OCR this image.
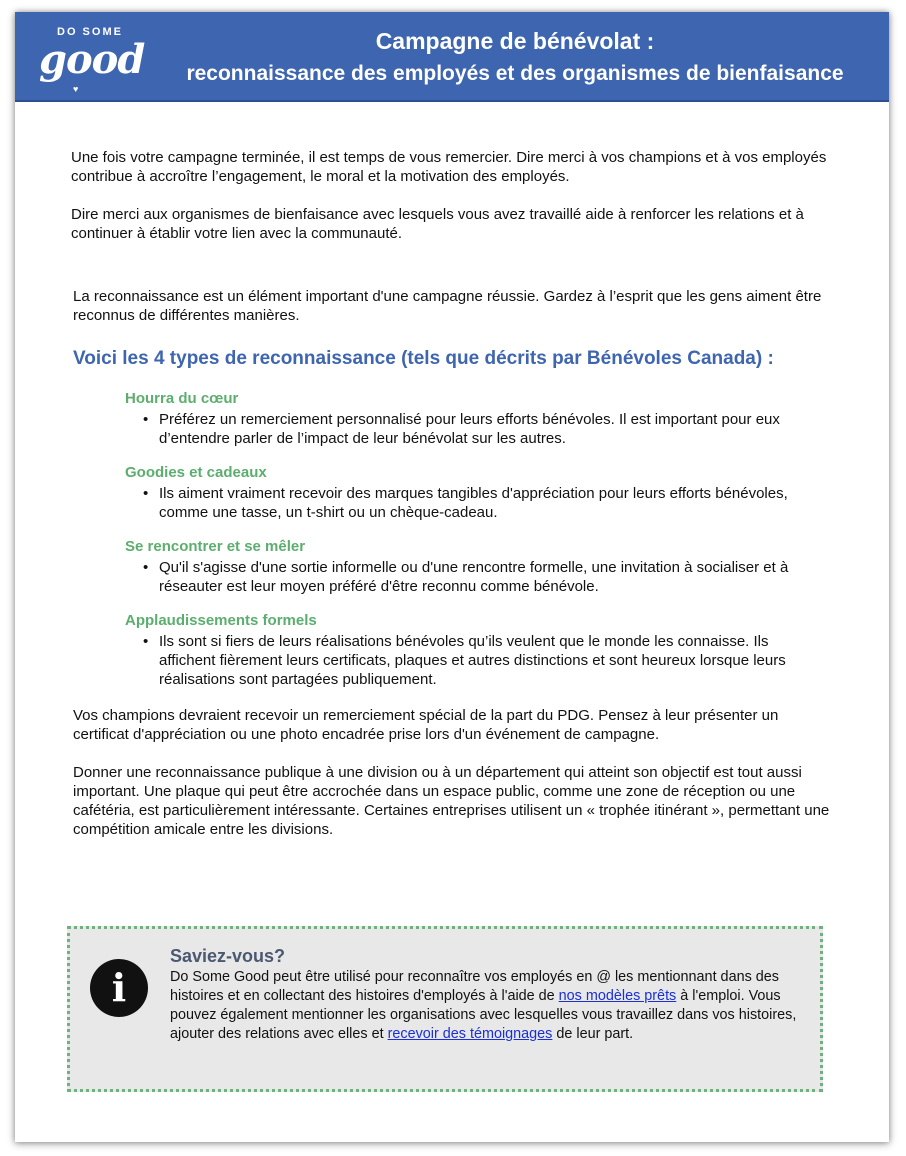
DO SOME
good
♥
Campagne de bénévolat :
reconnaissance des employés et des organismes de bienfaisance

Une fois votre campagne terminée, il est temps de vous remercier. Dire merci à vos champions et à vos employés contribue à accroître l’engagement, le moral et la motivation des employés.

Dire merci aux organismes de bienfaisance avec lesquels vous avez travaillé aide à renforcer les relations et à continuer à établir votre lien avec la communauté.

La reconnaissance est un élément important d'une campagne réussie. Gardez à l’esprit que les gens aiment être reconnus de différentes manières.

Voici les 4 types de reconnaissance (tels que décrits par Bénévoles Canada) :
Hourra du cœur
• Préférez un remerciement personnalisé pour leurs efforts bénévoles. Il est important pour eux d’entendre parler de l’impact de leur bénévolat sur les autres.
Goodies et cadeaux
• Ils aiment vraiment recevoir des marques tangibles d'appréciation pour leurs efforts bénévoles, comme une tasse, un t-shirt ou un chèque-cadeau.
Se rencontrer et se mêler
• Qu'il s'agisse d'une sortie informelle ou d'une rencontre formelle, une invitation à socialiser et à réseauter est leur moyen préféré d'être reconnu comme bénévole.
Applaudissements formels
• Ils sont si fiers de leurs réalisations bénévoles qu’ils veulent que le monde les connaisse. Ils affichent fièrement leurs certificats, plaques et autres distinctions et sont heureux lorsque leurs réalisations sont partagées publiquement.

Vos champions devraient recevoir un remerciement spécial de la part du PDG. Pensez à leur présenter un certificat d'appréciation ou une photo encadrée prise lors d'un événement de campagne.

Donner une reconnaissance publique à une division ou à un département qui atteint son objectif est tout aussi important. Une plaque qui peut être accrochée dans un espace public, comme une zone de réception ou une cafétéria, est particulièrement intéressante. Certaines entreprises utilisent un « trophée itinérant », permettant une compétition amicale entre les divisions.

i
Saviez-vous?

Do Some Good peut être utilisé pour reconnaître vos employés en @ les mentionnant dans des histoires et en collectant des histoires d'employés à l'aide de nos modèles prêts à l'emploi. Vous pouvez également mentionner les organisations avec lesquelles vous travaillez dans vos histoires, ajouter des relations avec elles et recevoir des témoignages de leur part.
